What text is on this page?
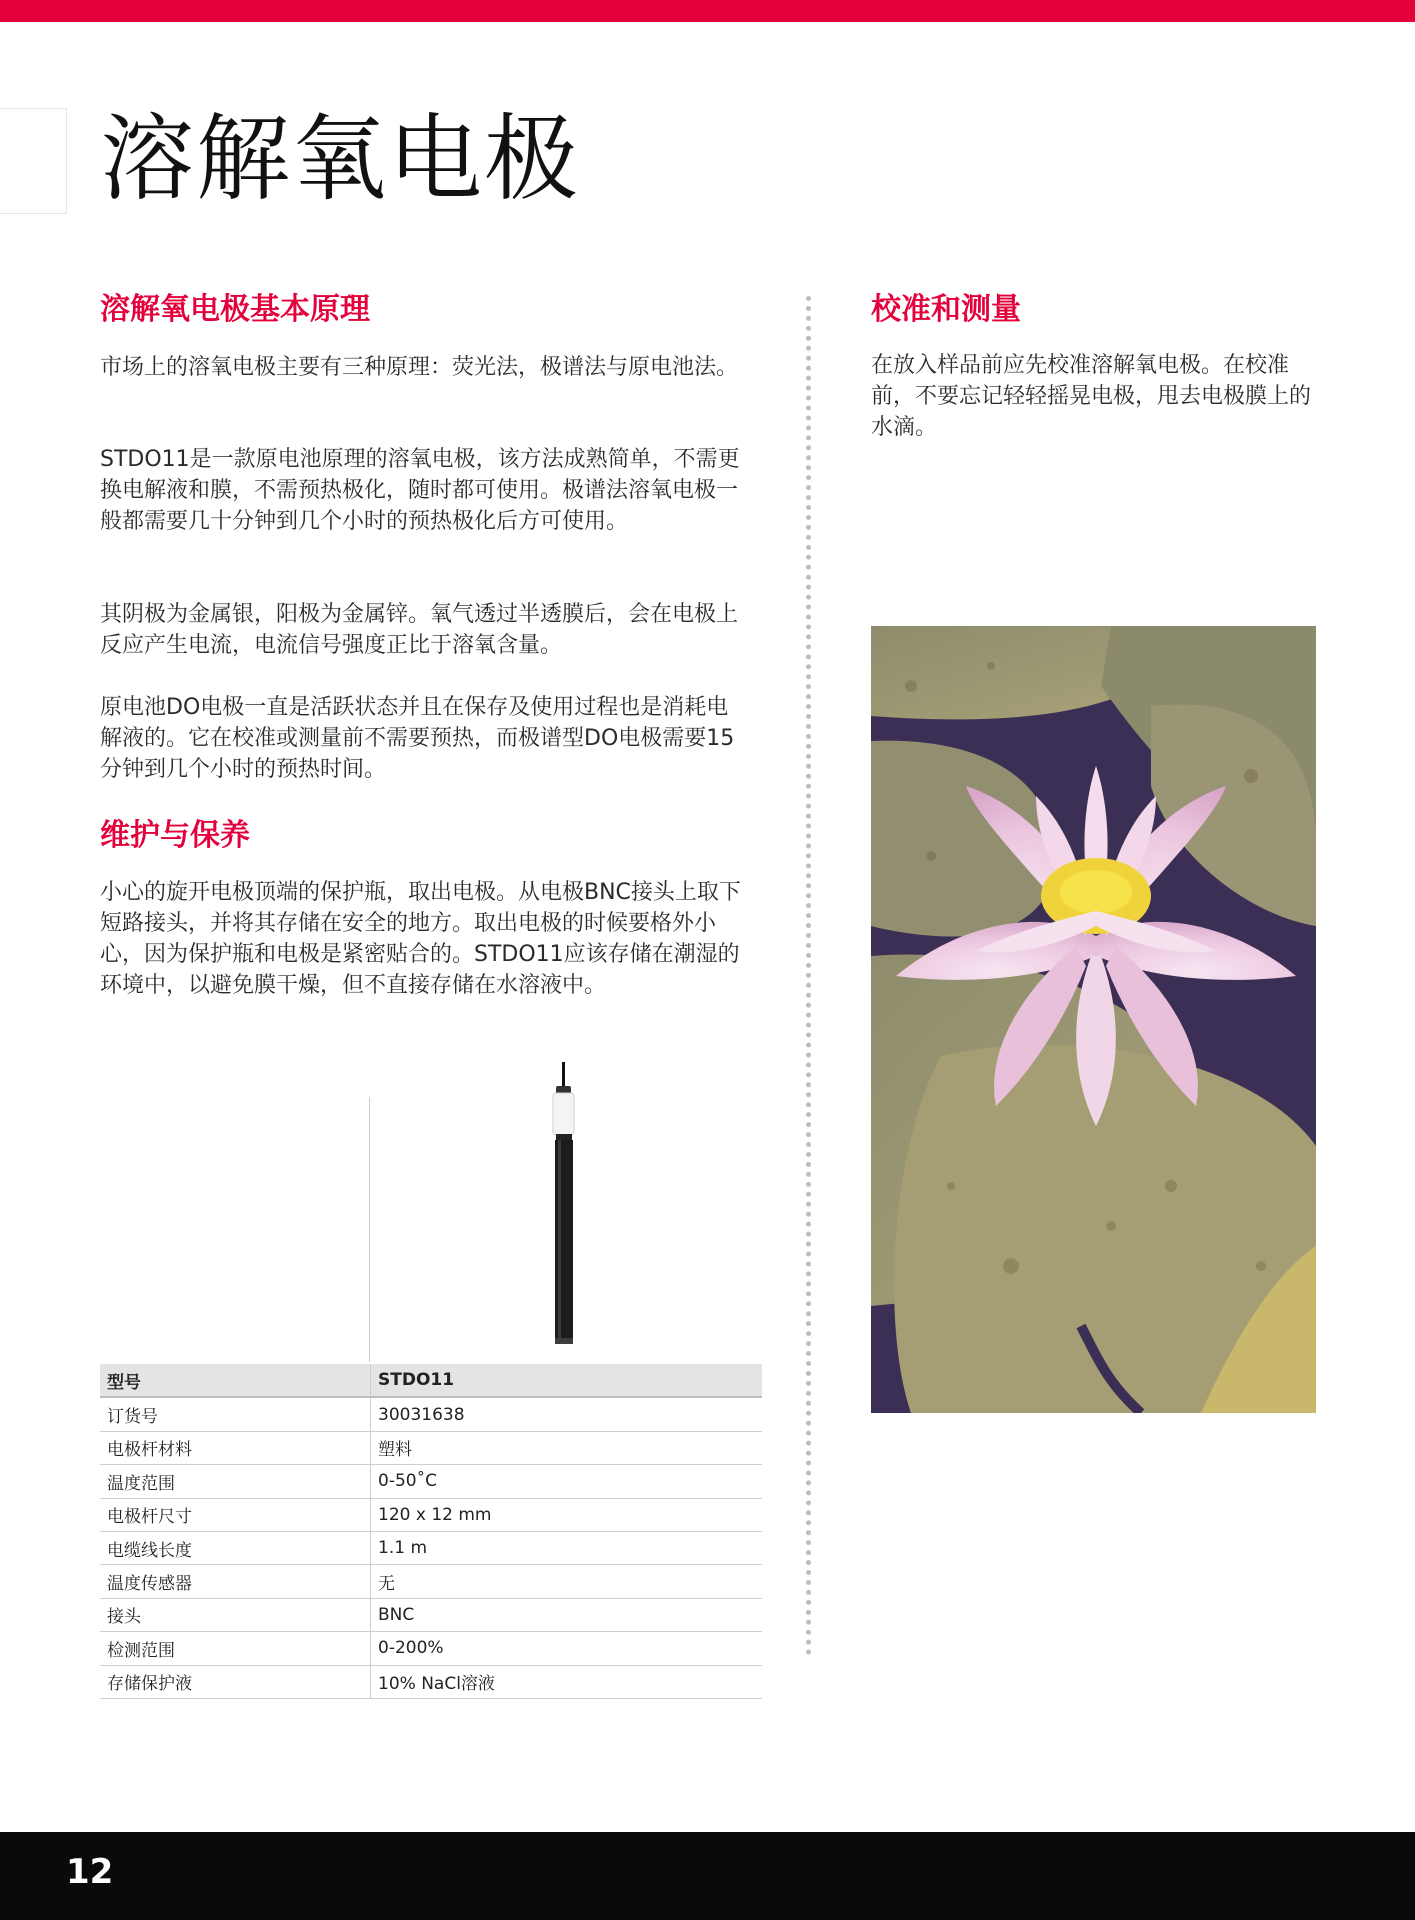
溶解氧电极
溶解氧电极基本原理

市场上的溶氧电极主要有三种原理：荧光法，极谱法与原电池法。

STDO11是一款原电池原理的溶氧电极，该方法成熟简单，不需更换电解液和膜，不需预热极化，随时都可使用。极谱法溶氧电极一般都需要几十分钟到几个小时的预热极化后方可使用。

其阴极为金属银，阳极为金属锌。氧气透过半透膜后，会在电极上反应产生电流，电流信号强度正比于溶氧含量。

原电池DO电极一直是活跃状态并且在保存及使用过程也是消耗电解液的。它在校准或测量前不需要预热，而极谱型DO电极需要15分钟到几个小时的预热时间。

维护与保养

小心的旋开电极顶端的保护瓶，取出电极。从电极BNC接头上取下短路接头，并将其存储在安全的地方。取出电极的时候要格外小心，因为保护瓶和电极是紧密贴合的。STDO11应该存储在潮湿的环境中，以避免膜干燥，但不直接存储在水溶液中。

型号	STDO11
订货号	30031638
电极杆材料	塑料
温度范围	0-50˚C
电极杆尺寸	120 x 12 mm
电缆线长度	1.1 m
温度传感器	无
接头	BNC
检测范围	0-200%
存储保护液	10% NaCl溶液
校准和测量

在放入样品前应先校准溶解氧电极。在校准前，不要忘记轻轻摇晃电极，甩去电极膜上的水滴。

12
